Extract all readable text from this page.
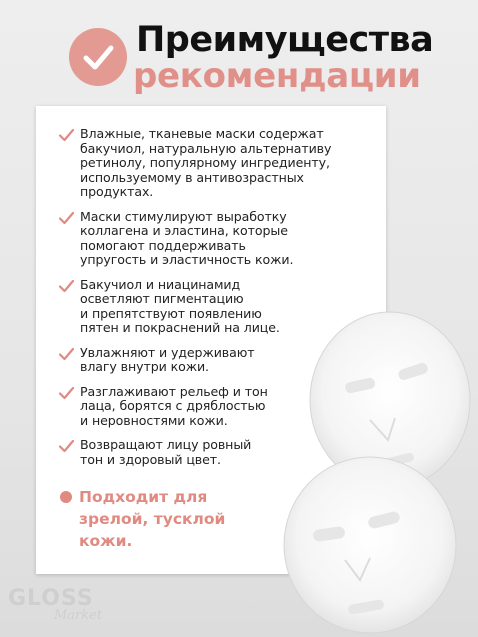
Преимущества
рекомендации
Влажные, тканевые маски содержат
бакучиол, натуральную альтернативу
ретинолу, популярному ингредиенту,
используемому в антивозрастных
продуктах.
Маски стимулируют выработку
коллагена и эластина, которые
помогают поддерживать
упругость и эластичность кожи.
Бакучиол и ниацинамид
осветляют пигментацию
и препятствуют появлению
пятен и покраснений на лице.
Увлажняют и удерживают
влагу внутри кожи.
Разглаживают рельеф и тон
лаца, борятся с дряблостью
и неровностями кожи.
Возвращают лицу ровный
тон и здоровый цвет.
Подходит для
зрелой, тусклой
кожи.
GLOSS
Market
